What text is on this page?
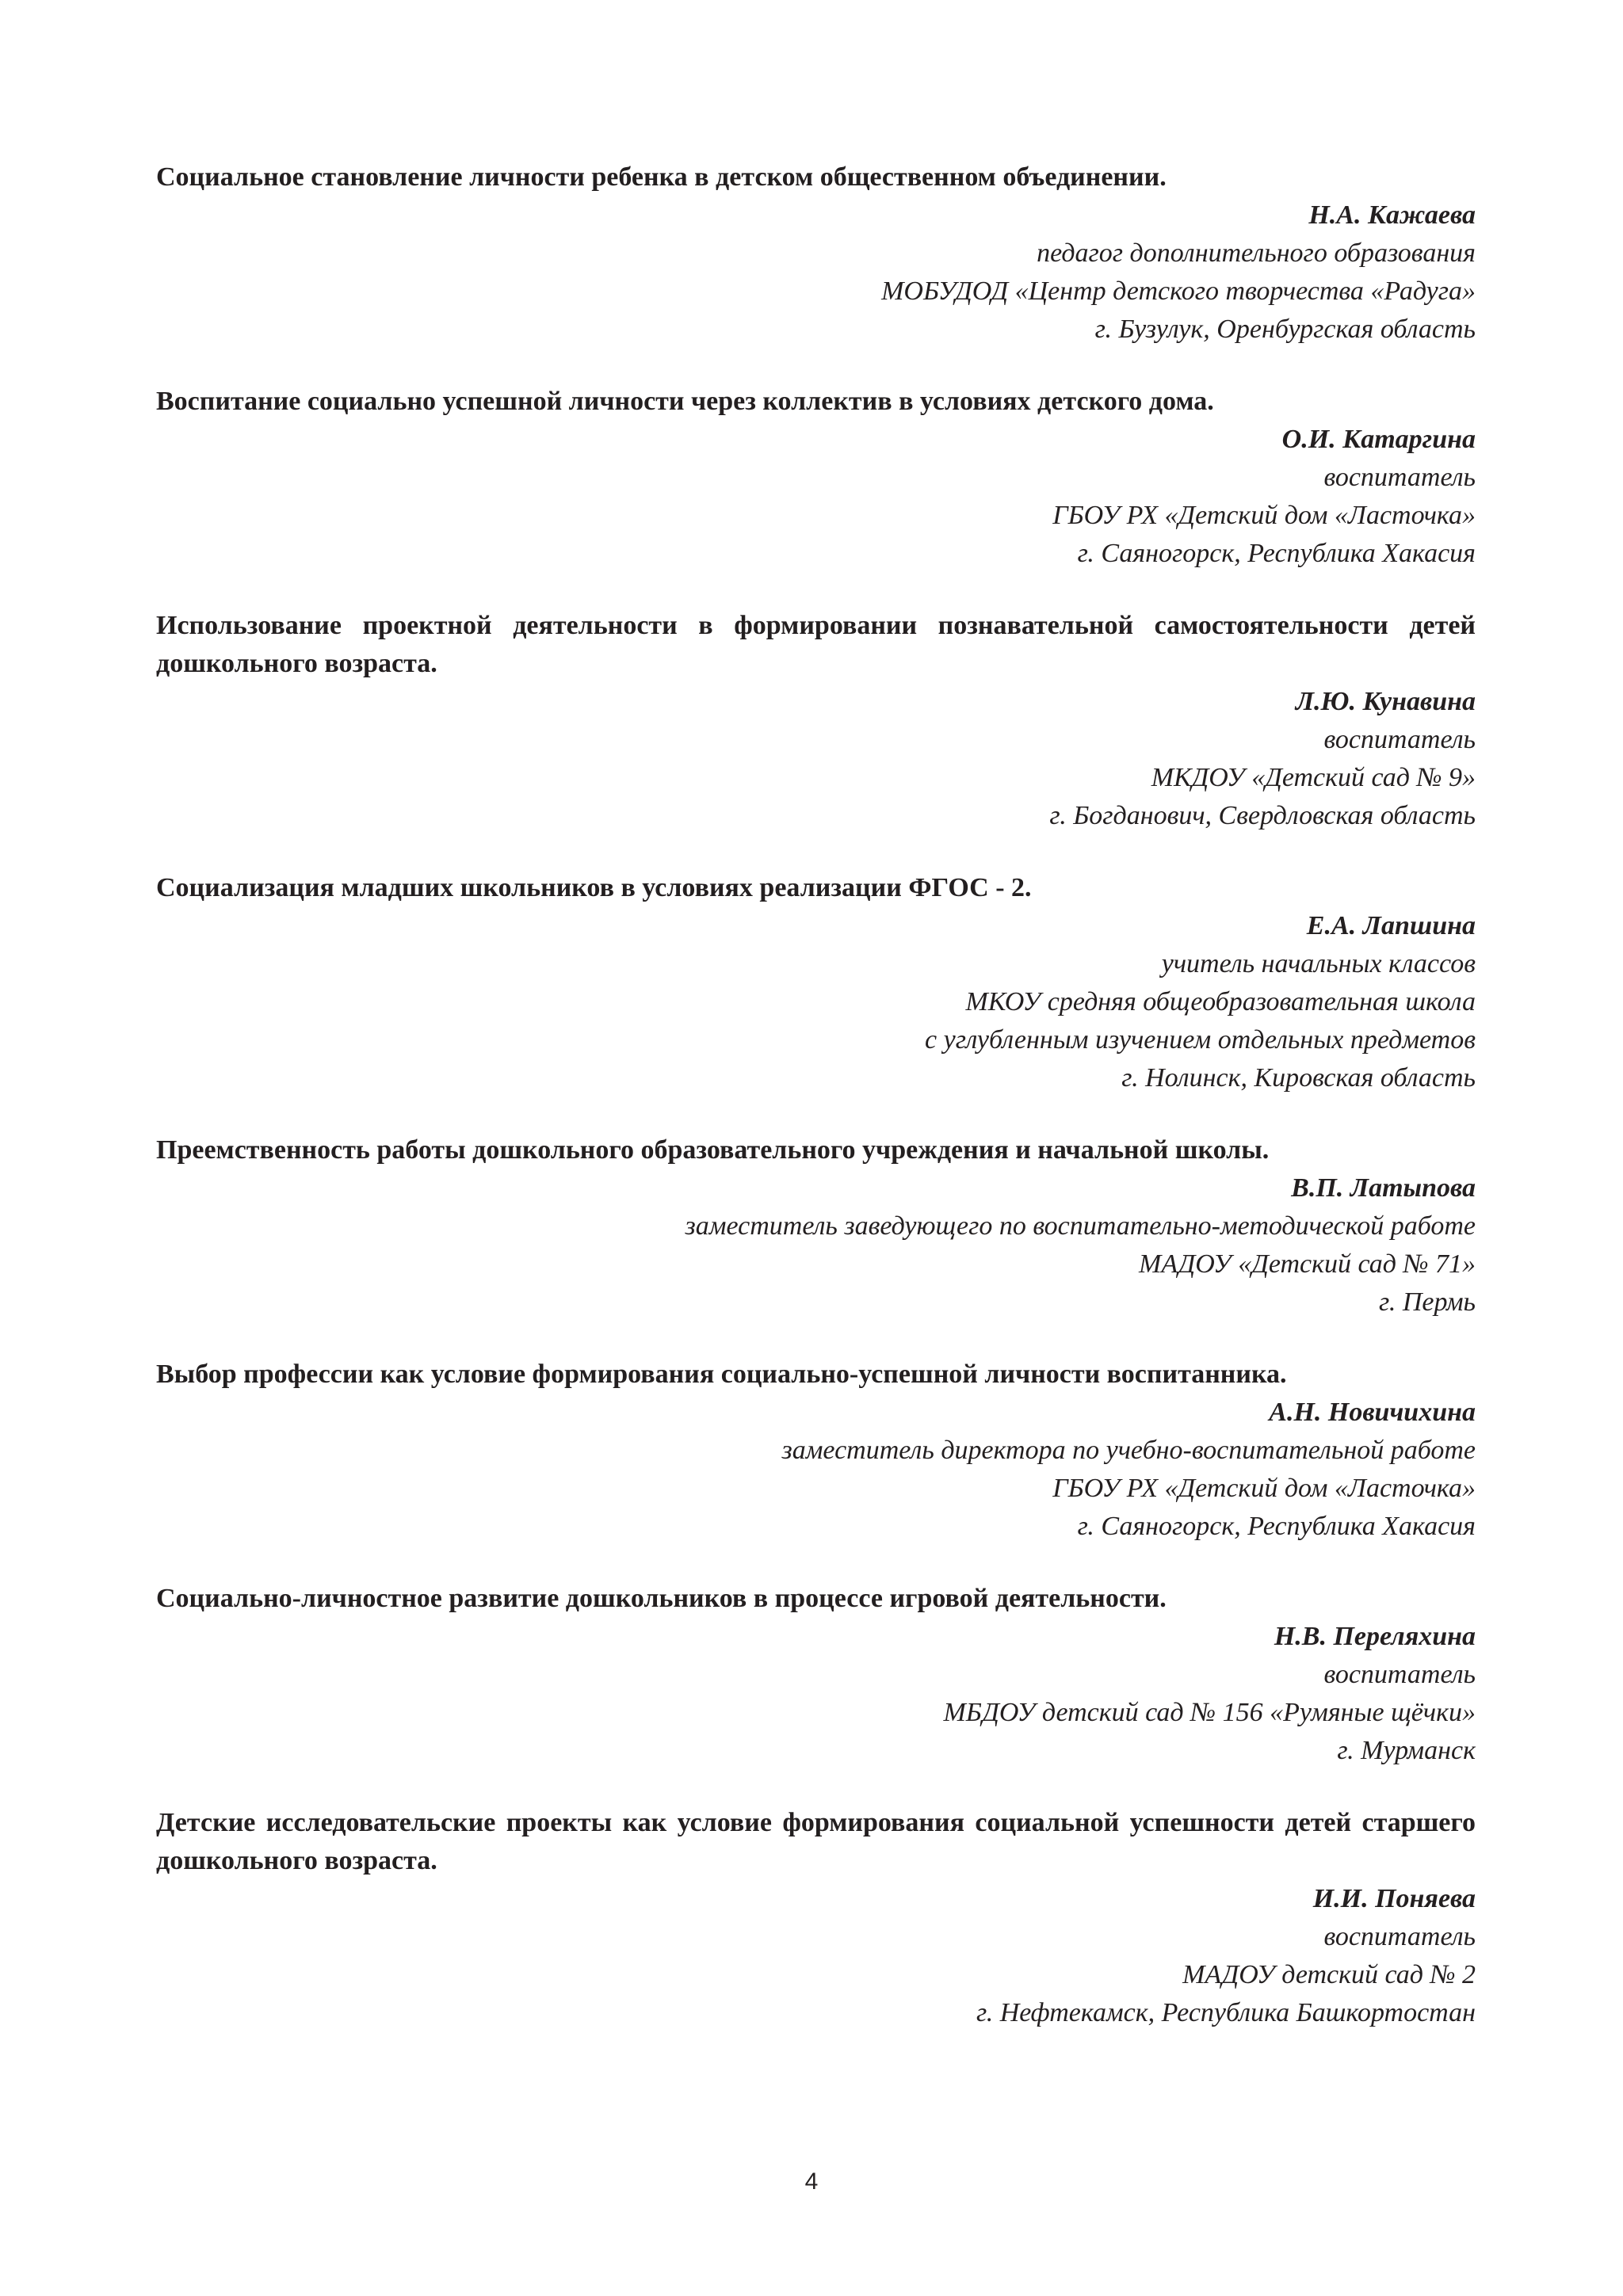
Социальное становление личности ребенка в детском общественном объединении.

Н.А. Кажаева

педагог дополнительного образования

МОБУДОД «Центр детского творчества «Радуга»

г. Бузулук, Оренбургская область

Воспитание социально успешной личности через коллектив в условиях детского дома.

О.И. Катаргина

воспитатель

ГБОУ РХ «Детский дом «Ласточка»

г. Саяногорск, Республика Хакасия

Использование проектной деятельности в формировании познавательной самостоятельности детей дошкольного возраста.

Л.Ю. Кунавина

воспитатель

МКДОУ «Детский сад № 9»

г. Богданович, Свердловская область

Социализация младших школьников в условиях реализации ФГОС - 2.

Е.А. Лапшина

учитель начальных классов

МКОУ средняя общеобразовательная школа

с углубленным изучением отдельных предметов

г. Нолинск, Кировская область

Преемственность работы дошкольного образовательного учреждения и начальной школы.

В.П. Латыпова

заместитель заведующего по воспитательно-методической работе

МАДОУ «Детский сад № 71»

г. Пермь

Выбор профессии как условие формирования социально-успешной личности воспитанника.

А.Н. Новичихина

заместитель директора по учебно-воспитательной работе

ГБОУ РХ «Детский дом «Ласточка»

г. Саяногорск, Республика Хакасия

Социально-личностное развитие дошкольников в процессе игровой деятельности.

Н.В. Переляхина

воспитатель

МБДОУ детский сад № 156 «Румяные щёчки»

г. Мурманск

Детские исследовательские проекты как условие формирования социальной успешности детей старшего дошкольного возраста.

И.И. Поняева

воспитатель

МАДОУ детский сад № 2

г. Нефтекамск, Республика Башкортостан

4
